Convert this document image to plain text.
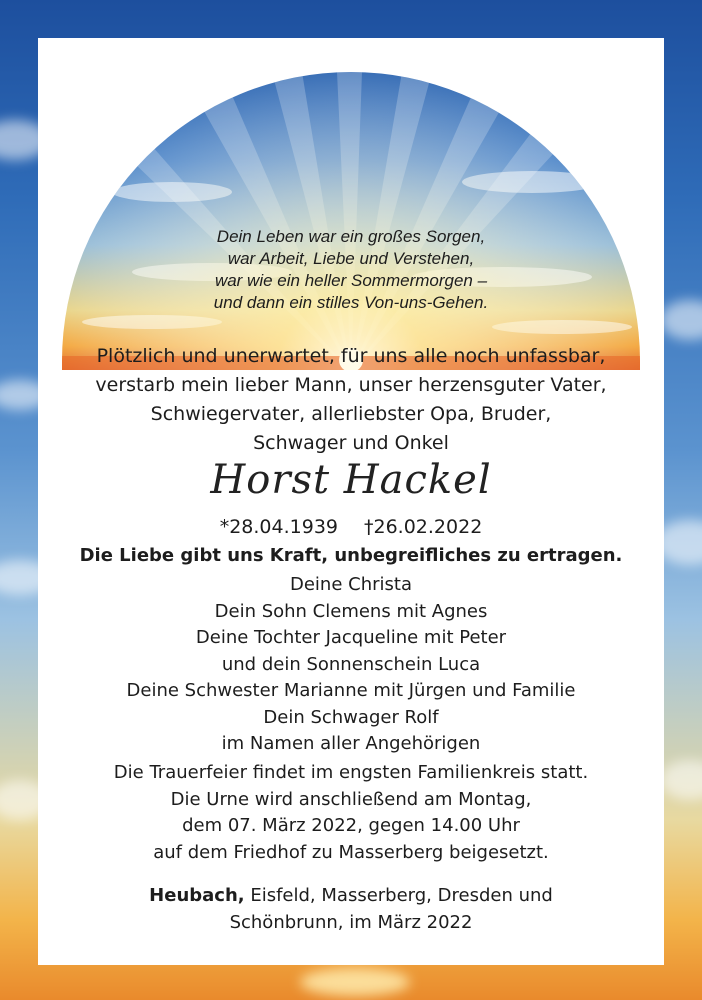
Dein Leben war ein großes Sorgen,
war Arbeit, Liebe und Verstehen,
war wie ein heller Sommermorgen –
und dann ein stilles Von-uns-Gehen.
Plötzlich und unerwartet, für uns alle noch unfassbar,
verstarb mein lieber Mann, unser herzensguter Vater,
Schwiegervater, allerliebster Opa, Bruder,
Schwager und Onkel
Horst Hackel
*28.04.1939 †26.02.2022
Die Liebe gibt uns Kraft, unbegreifliches zu ertragen.
Deine Christa
Dein Sohn Clemens mit Agnes
Deine Tochter Jacqueline mit Peter
und dein Sonnenschein Luca
Deine Schwester Marianne mit Jürgen und Familie
Dein Schwager Rolf
im Namen aller Angehörigen
Die Trauerfeier findet im engsten Familienkreis statt.
Die Urne wird anschließend am Montag,
dem 07. März 2022, gegen 14.00 Uhr
auf dem Friedhof zu Masserberg beigesetzt.
Heubach, Eisfeld, Masserberg, Dresden und
Schönbrunn, im März 2022
